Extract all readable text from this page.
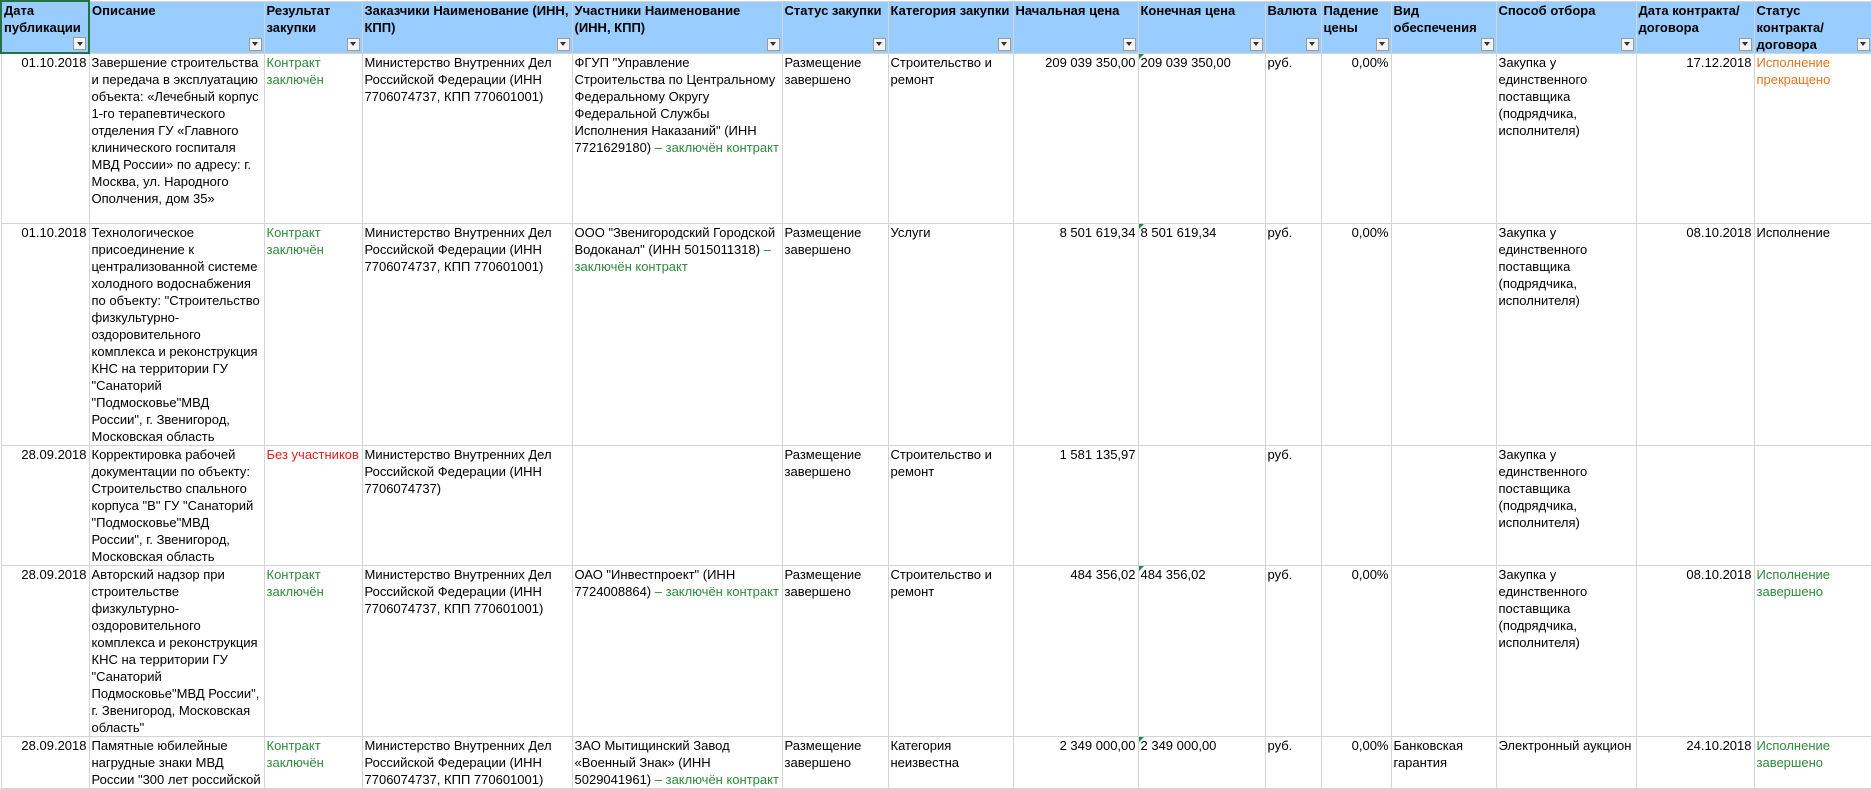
Дата публикации	Описание	Результат закупки	Заказчики Наименование (ИНН, КПП)	Участники Наименование (ИНН, КПП)	Статус закупки	Категория закупки	Начальная цена	Конечная цена	Валюта	Падение цены	Вид обеспечения	Способ отбора	Дата контракта/договора	Статус контракта/договора

01.10.2018	Завершение строительства и передача в эксплуатацию объекта: «Лечебный корпус 1-го терапевтического отделения ГУ «Главного клинического госпиталя МВД России» по адресу: г. Москва, ул. Народного Ополчения, дом 35»	Контракт заключён	Министерство Внутренних Дел Российской Федерации (ИНН 7706074737, КПП 770601001)	ФГУП "Управление Строительства по Центральному Федеральному Округу Федеральной Службы Исполнения Наказаний" (ИНН 7721629180) – заключён контракт	Размещение завершено	Строительство и ремонт	209 039 350,00	209 039 350,00	руб.	0,00%		Закупка у единственного поставщика (подрядчика, исполнителя)	17.12.2018	Исполнение прекращено
01.10.2018	Технологическое присоединение к централизованной системе холодного водоснабжения по объекту: "Строительство физкультурно-оздоровительного комплекса и реконструкция КНС на территории ГУ "Санаторий "Подмосковье"МВД России", г. Звенигород, Московская область	Контракт заключён	Министерство Внутренних Дел Российской Федерации (ИНН 7706074737, КПП 770601001)	ООО "Звенигородский Городской Водоканал" (ИНН 5015011318) – заключён контракт	Размещение завершено	Услуги	8 501 619,34	8 501 619,34	руб.	0,00%		Закупка у единственного поставщика (подрядчика, исполнителя)	08.10.2018	Исполнение
28.09.2018	Корректировка рабочей документации по объекту: Строительство спального корпуса "В" ГУ "Санаторий "Подмосковье"МВД России", г. Звенигород, Московская область	Без участников	Министерство Внутренних Дел Российской Федерации (ИНН 7706074737)		Размещение завершено	Строительство и ремонт	1 581 135,97		руб.			Закупка у единственного поставщика (подрядчика, исполнителя)		
28.09.2018	Авторский надзор при строительстве физкультурно-оздоровительного комплекса и реконструкция КНС на территории ГУ "Санаторий Подмосковье"МВД России", г. Звенигород, Московская область"	Контракт заключён	Министерство Внутренних Дел Российской Федерации (ИНН 7706074737, КПП 770601001)	ОАО "Инвестпроект" (ИНН 7724008864) – заключён контракт	Размещение завершено	Строительство и ремонт	484 356,02	484 356,02	руб.	0,00%		Закупка у единственного поставщика (подрядчика, исполнителя)	08.10.2018	Исполнение завершено
28.09.2018	Памятные юбилейные нагрудные знаки МВД России "300 лет российской	Контракт заключён	Министерство Внутренних Дел Российской Федерации (ИНН 7706074737, КПП 770601001)	ЗАО Мытищинский Завод «Военный Знак» (ИНН 5029041961) – заключён контракт	Размещение завершено	Категория неизвестна	2 349 000,00	2 349 000,00	руб.	0,00%	Банковская гарантия	Электронный аукцион	24.10.2018	Исполнение завершено
